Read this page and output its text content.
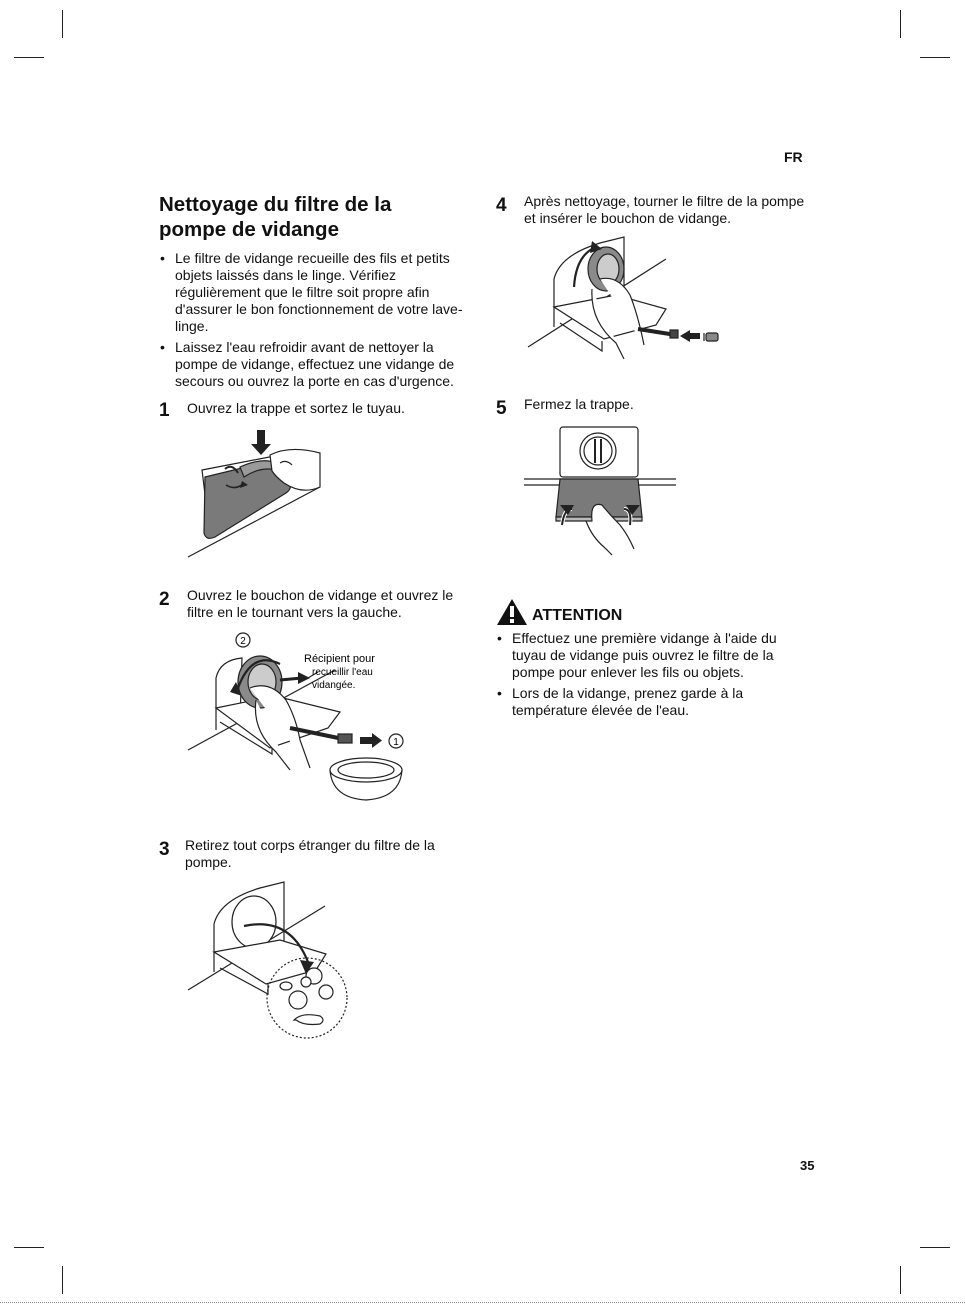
FR
Nettoyage du filtre de la
pompe de vidange
• Le filtre de vidange recueille des fils et petits objets laissés dans le linge. Vérifiez régulièrement que le filtre soit propre afin d'assurer le bon fonctionnement de votre lave-linge.
• Laissez l'eau refroidir avant de nettoyer la pompe de vidange, effectuez une vidange de secours ou ouvrez la porte en cas d'urgence.
1 Ouvrez la trappe et sortez le tuyau.
2 Ouvrez le bouchon de vidange et ouvrez le filtre en le tournant vers la gauche.
2
1
Récipient pour
recueillir l'eau
vidangée.
3 Retirez tout corps étranger du filtre de la pompe.
4 Après nettoyage, tourner le filtre de la pompe et insérer le bouchon de vidange.
5 Fermez la trappe.
ATTENTION
• Effectuez une première vidange à l'aide du tuyau de vidange puis ouvrez le filtre de la pompe pour enlever les fils ou objets.
• Lors de la vidange, prenez garde à la température élevée de l'eau.
35
